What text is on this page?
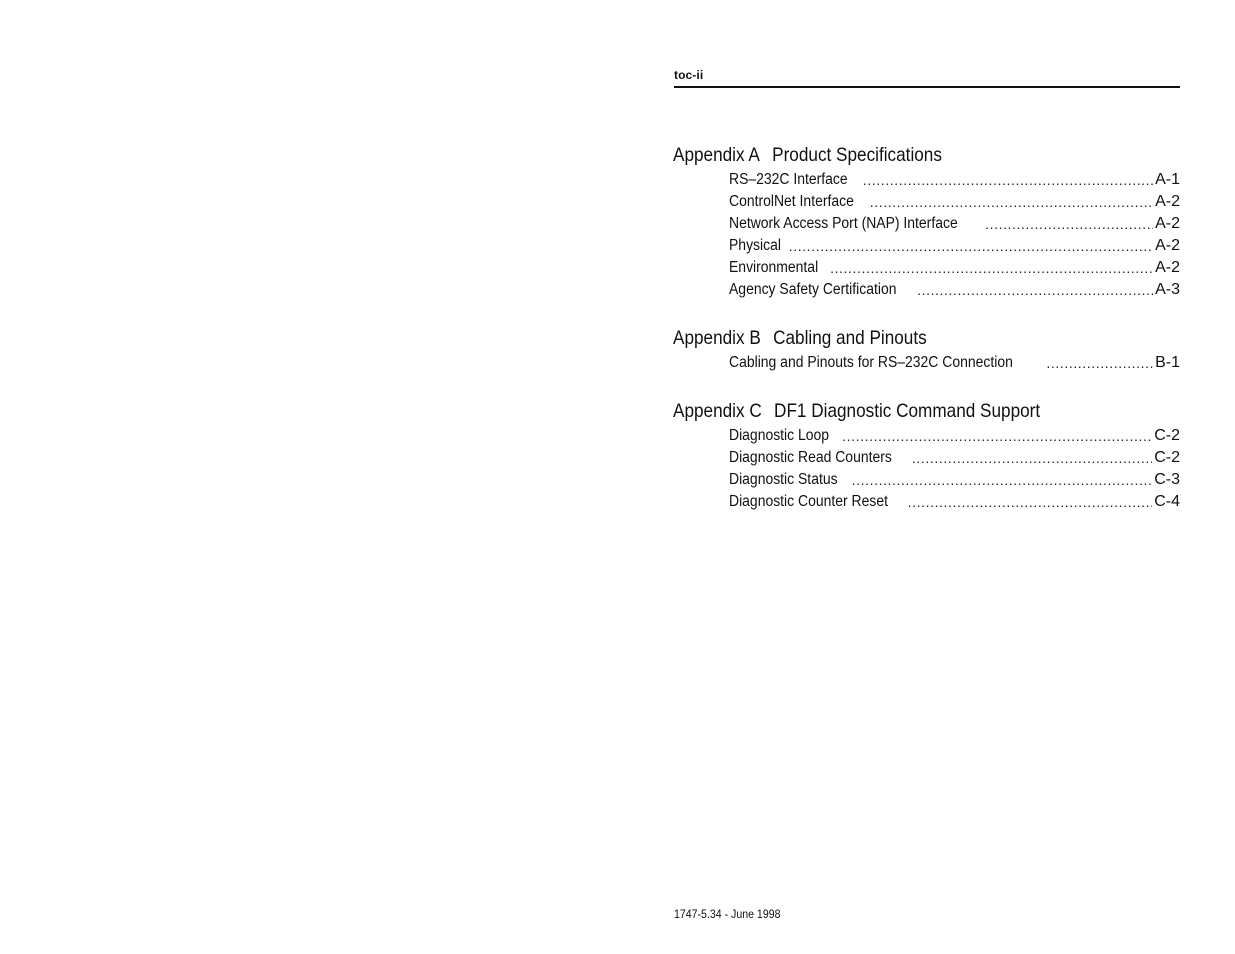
toc-ii
Appendix A Product Specifications
RS–232C Interface .....	A-1
ControlNet Interface .....	A-2
Network Access Port (NAP) Interface .....	A-2
Physical .....	A-2
Environmental .....	A-2
Agency Safety Certification .....	A-3
Appendix B Cabling and Pinouts
Cabling and Pinouts for RS–232C Connection .....	B-1
Appendix C DF1 Diagnostic Command Support
Diagnostic Loop .....	C-2
Diagnostic Read Counters .....	C-2
Diagnostic Status .....	C-3
Diagnostic Counter Reset .....	C-4
1747-5.34 - June 1998
